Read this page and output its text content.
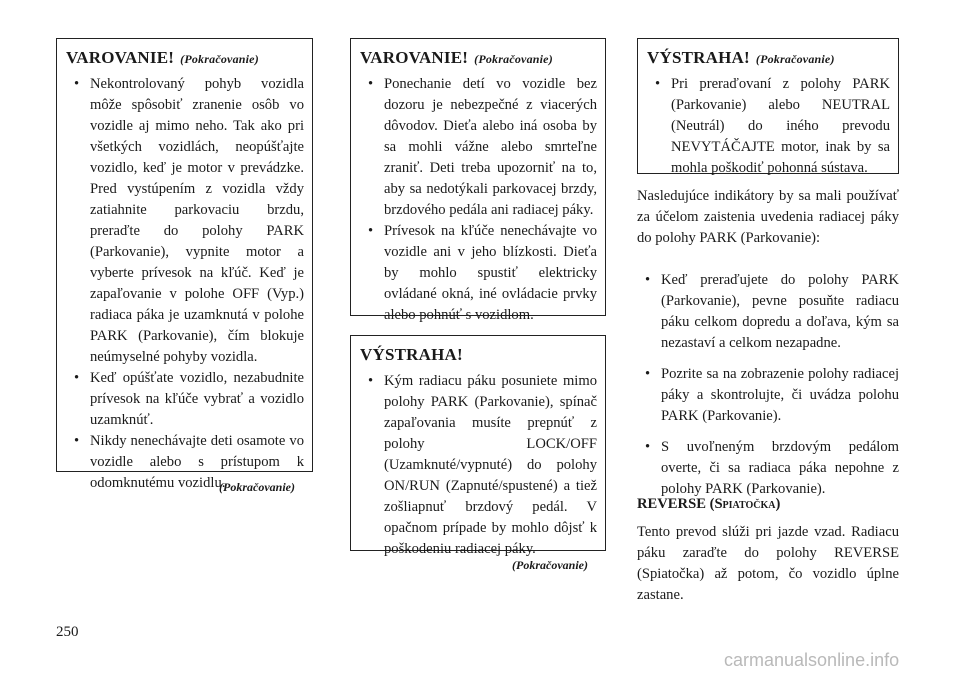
VAROVANIE! (Pokračovanie)
• Nekontrolovaný pohyb vozidla môže spôsobiť zranenie osôb vo vozidle aj mimo neho. Tak ako pri všetkých vozidlách, neopúšťajte vozidlo, keď je motor v prevádzke. Pred vystúpením z vozidla vždy zatiahnite parkovaciu brzdu, preraďte do polohy PARK (Parkovanie), vypnite motor a vyberte prívesok na kľúč. Keď je zapaľovanie v polohe OFF (Vyp.) radiaca páka je uzamknutá v polohe PARK (Parkovanie), čím blokuje neúmyselné pohyby vozidla.
• Keď opúšťate vozidlo, nezabudnite prívesok na kľúče vybrať a vozidlo uzamknúť.
• Nikdy nenechávajte deti osamote vo vozidle alebo s prístupom k odomknutému vozidlu.
(Pokračovanie)
VAROVANIE! (Pokračovanie)
• Ponechanie detí vo vozidle bez dozoru je nebezpečné z viacerých dôvodov. Dieťa alebo iná osoba by sa mohli vážne alebo smrteľne zraniť. Deti treba upozorniť na to, aby sa nedotýkali parkovacej brzdy, brzdového pedála ani radiacej páky.
• Prívesok na kľúče nenechávajte vo vozidle ani v jeho blízkosti. Dieťa by mohlo spustiť elektricky ovládané okná, iné ovládacie prvky alebo pohnúť s vozidlom.
VÝSTRAHA!
• Kým radiacu páku posuniete mimo polohy PARK (Parkovanie), spínač zapaľovania musíte prepnúť z polohy LOCK/OFF (Uzamknuté/vypnuté) do polohy ON/RUN (Zapnuté/spustené) a tiež zošliapnuť brzdový pedál. V opačnom prípade by mohlo dôjsť k poškodeniu radiacej páky.
(Pokračovanie)
VÝSTRAHA! (Pokračovanie)
• Pri preraďovaní z polohy PARK (Parkovanie) alebo NEUTRAL (Neutrál) do iného prevodu NEVYTÁČAJTE motor, inak by sa mohla poškodiť pohonná sústava.

Nasledujúce indikátory by sa mali používať za účelom zaistenia uvedenia radiacej páky do polohy PARK (Parkovanie):

• Keď preraďujete do polohy PARK (Parkovanie), pevne posuňte radiacu páku celkom dopredu a doľava, kým sa nezastaví a celkom nezapadne.
• Pozrite sa na zobrazenie polohy radiacej páky a skontrolujte, či uvádza polohu PARK (Parkovanie).
• S uvoľneným brzdovým pedálom overte, či sa radiaca páka nepohne z polohy PARK (Parkovanie).
REVERSE (Spiatočka)

Tento prevod slúži pri jazde vzad. Radiacu páku zaraďte do polohy REVERSE (Spiatočka) až potom, čo vozidlo úplne zastane.

250
carmanualsonline.info
